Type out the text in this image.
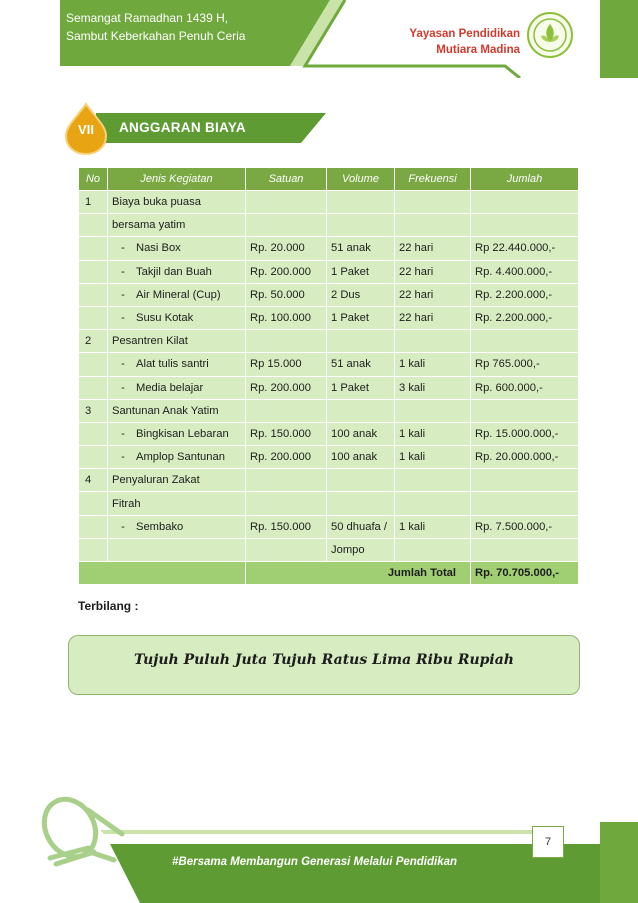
Semangat Ramadhan 1439 H,
Sambut Keberkahan Penuh Ceria	Yayasan Pendidikan
Mutiara Madina
ANGGARAN BIAYA
VII
No	Jenis Kegiatan	Satuan	Volume	Frekuensi	Jumlah
1	Biaya buka puasa				
	bersama yatim				
	- Nasi Box	Rp. 20.000	51 anak	22 hari	Rp 22.440.000,-
	- Takjil dan Buah	Rp. 200.000	1 Paket	22 hari	Rp. 4.400.000,-
	- Air Mineral (Cup)	Rp. 50.000	2 Dus	22 hari	Rp. 2.200.000,-
	- Susu Kotak	Rp. 100.000	1 Paket	22 hari	Rp. 2.200.000,-
2	Pesantren Kilat				
	- Alat tulis santri	Rp 15.000	51 anak	1 kali	Rp 765.000,-
	- Media belajar	Rp. 200.000	1 Paket	3 kali	Rp. 600.000,-
3	Santunan Anak Yatim				
	- Bingkisan Lebaran	Rp. 150.000	100 anak	1 kali	Rp. 15.000.000,-
	- Amplop Santunan	Rp. 200.000	100 anak	1 kali	Rp. 20.000.000,-
4	Penyaluran Zakat				
	Fitrah				
	- Sembako	Rp. 150.000	50 dhuafa /	1 kali	Rp. 7.500.000,-
			Jompo		
		Jumlah Total			Rp. 70.705.000,-
Terbilang :
Tujuh Puluh Juta Tujuh Ratus Lima Ribu Rupiah
#Bersama Membangun Generasi Melalui Pendidikan
7
